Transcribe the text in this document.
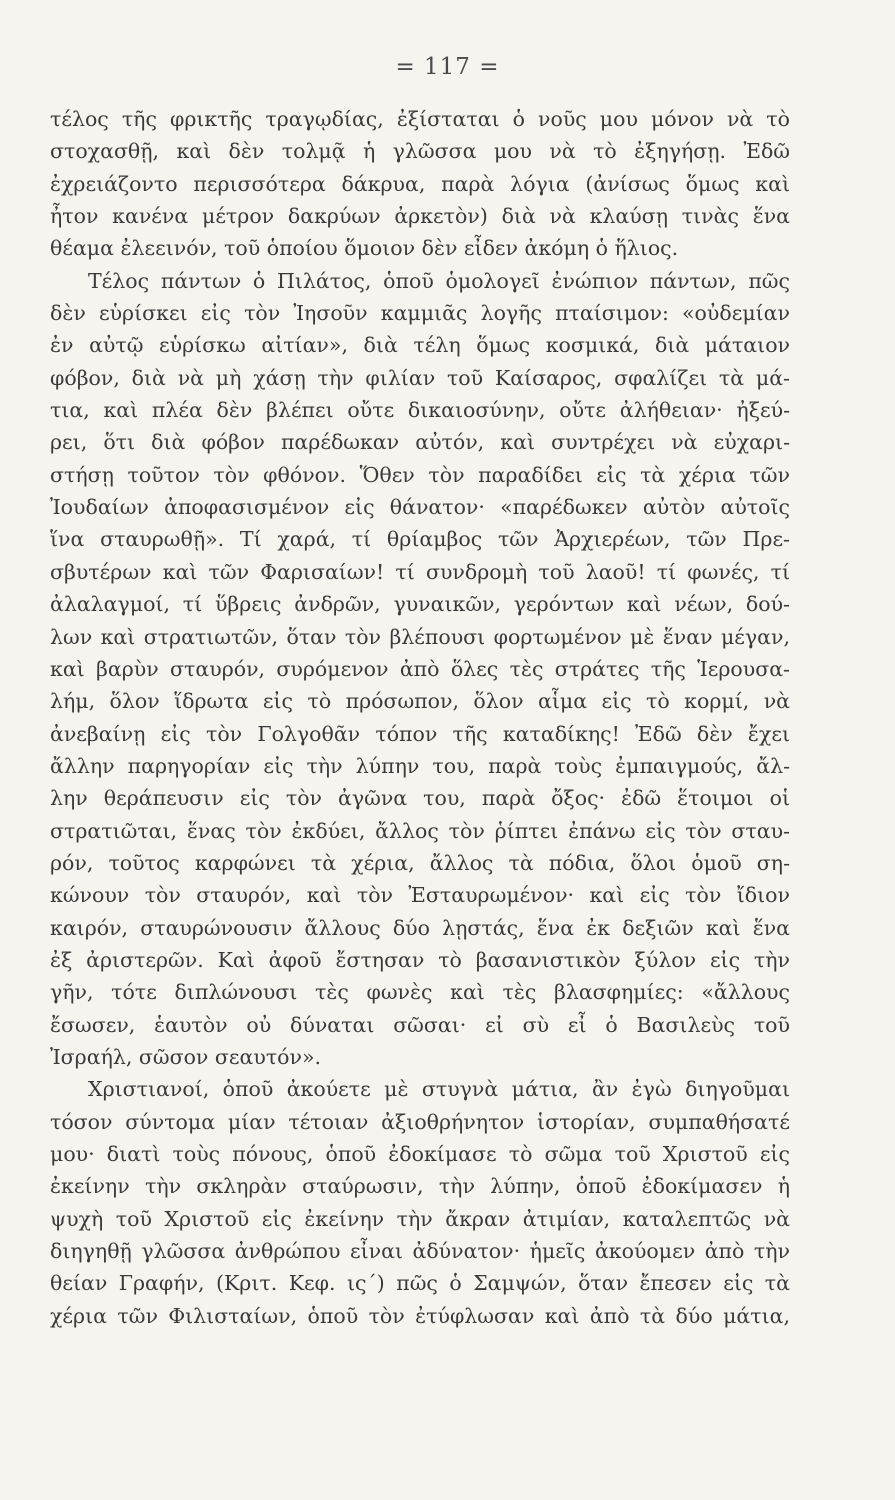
= 117 =
τέλος τῆς φρικτῆς τραγῳδίας, ἐξίσταται ὁ νοῦς μου μόνον νὰ τὸ
στοχασθῇ, καὶ δὲν τολμᾷ ἡ γλῶσσα μου νὰ τὸ ἐξηγήσῃ. Ἐδῶ
ἐχρειάζοντο περισσότερα δάκρυα, παρὰ λόγια (ἀνίσως ὅμως καὶ
ἦτον κανένα μέτρον δακρύων ἀρκετὸν) διὰ νὰ κλαύσῃ τινὰς ἕνα
θέαμα ἐλεεινόν, τοῦ ὁποίου ὅμοιον δὲν εἶδεν ἀκόμη ὁ ἥλιος.
Τέλος πάντων ὁ Πιλάτος, ὁποῦ ὁμολογεῖ ἐνώπιον πάντων, πῶς
δὲν εὑρίσκει εἰς τὸν Ἰησοῦν καμμιᾶς λογῆς πταίσιμον: «οὐδεμίαν
ἐν αὐτῷ εὑρίσκω αἰτίαν», διὰ τέλη ὅμως κοσμικά, διὰ μάταιον
φόβον, διὰ νὰ μὴ χάσῃ τὴν φιλίαν τοῦ Καίσαρος, σφαλίζει τὰ μά-
τια, καὶ πλέα δὲν βλέπει οὔτε δικαιοσύνην, οὔτε ἀλήθειαν· ἠξεύ-
ρει, ὅτι διὰ φόβον παρέδωκαν αὐτόν, καὶ συντρέχει νὰ εὐχαρι-
στήσῃ τοῦτον τὸν φθόνον. Ὅθεν τὸν παραδίδει εἰς τὰ χέρια τῶν
Ἰουδαίων ἀποφασισμένον εἰς θάνατον· «παρέδωκεν αὐτὸν αὐτοῖς
ἵνα σταυρωθῇ». Τί χαρά, τί θρίαμβος τῶν Ἀρχιερέων, τῶν Πρε-
σβυτέρων καὶ τῶν Φαρισαίων! τί συνδρομὴ τοῦ λαοῦ! τί φωνές, τί
ἀλαλαγμοί, τί ὕβρεις ἀνδρῶν, γυναικῶν, γερόντων καὶ νέων, δού-
λων καὶ στρατιωτῶν, ὅταν τὸν βλέπουσι φορτωμένον μὲ ἕναν μέγαν,
καὶ βαρὺν σταυρόν, συρόμενον ἀπὸ ὅλες τὲς στράτες τῆς Ἱερουσα-
λήμ, ὅλον ἵδρωτα εἰς τὸ πρόσωπον, ὅλον αἷμα εἰς τὸ κορμί, νὰ
ἀνεβαίνῃ εἰς τὸν Γολγοθᾶν τόπον τῆς καταδίκης! Ἐδῶ δὲν ἔχει
ἄλλην παρηγορίαν εἰς τὴν λύπην του, παρὰ τοὺς ἐμπαιγμούς, ἄλ-
λην θεράπευσιν εἰς τὸν ἀγῶνα του, παρὰ ὄξος· ἐδῶ ἕτοιμοι οἱ
στρατιῶται, ἕνας τὸν ἐκδύει, ἄλλος τὸν ῥίπτει ἐπάνω εἰς τὸν σταυ-
ρόν, τοῦτος καρφώνει τὰ χέρια, ἄλλος τὰ πόδια, ὅλοι ὁμοῦ ση-
κώνουν τὸν σταυρόν, καὶ τὸν Ἐσταυρωμένον· καὶ εἰς τὸν ἴδιον
καιρόν, σταυρώνουσιν ἄλλους δύο λῃστάς, ἕνα ἐκ δεξιῶν καὶ ἕνα
ἐξ ἀριστερῶν. Καὶ ἀφοῦ ἔστησαν τὸ βασανιστικὸν ξύλον εἰς τὴν
γῆν, τότε διπλώνουσι τὲς φωνὲς καὶ τὲς βλασφημίες: «ἄλλους
ἔσωσεν, ἑαυτὸν οὐ δύναται σῶσαι· εἰ σὺ εἶ ὁ Βασιλεὺς τοῦ
Ἰσραήλ, σῶσον σεαυτόν».
Χριστιανοί, ὁποῦ ἀκούετε μὲ στυγνὰ μάτια, ἂν ἐγὼ διηγοῦμαι
τόσον σύντομα μίαν τέτοιαν ἀξιοθρήνητον ἱστορίαν, συμπαθήσατέ
μου· διατὶ τοὺς πόνους, ὁποῦ ἐδοκίμασε τὸ σῶμα τοῦ Χριστοῦ εἰς
ἐκείνην τὴν σκληρὰν σταύρωσιν, τὴν λύπην, ὁποῦ ἐδοκίμασεν ἡ
ψυχὴ τοῦ Χριστοῦ εἰς ἐκείνην τὴν ἄκραν ἀτιμίαν, καταλεπτῶς νὰ
διηγηθῇ γλῶσσα ἀνθρώπου εἶναι ἀδύνατον· ἡμεῖς ἀκούομεν ἀπὸ τὴν
θείαν Γραφήν, (Κριτ. Κεφ. ις΄) πῶς ὁ Σαμψών, ὅταν ἔπεσεν εἰς τὰ
χέρια τῶν Φιλισταίων, ὁποῦ τὸν ἐτύφλωσαν καὶ ἀπὸ τὰ δύο μάτια,
